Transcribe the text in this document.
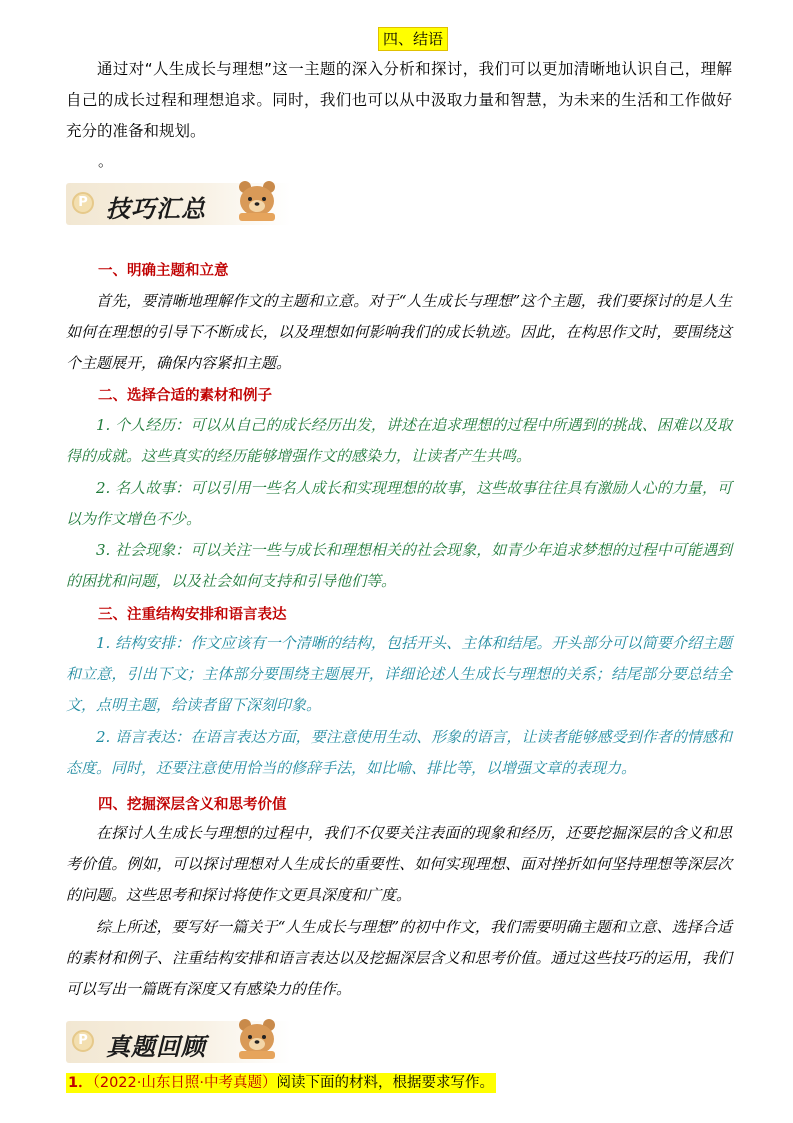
四、结语
通过对“人生成长与理想”这一主题的深入分析和探讨，我们可以更加清晰地认识自己，理解自己的成长过程和理想追求。同时，我们也可以从中汲取力量和智慧，为未来的生活和工作做好充分的准备和规划。
。
P 技巧汇总
一、明确主题和立意
首先，要清晰地理解作文的主题和立意。对于“人生成长与理想”这个主题，我们要探讨的是人生如何在理想的引导下不断成长，以及理想如何影响我们的成长轨迹。因此，在构思作文时，要围绕这个主题展开，确保内容紧扣主题。
二、选择合适的素材和例子
1. 个人经历：可以从自己的成长经历出发，讲述在追求理想的过程中所遇到的挑战、困难以及取得的成就。这些真实的经历能够增强作文的感染力，让读者产生共鸣。
2. 名人故事：可以引用一些名人成长和实现理想的故事，这些故事往往具有激励人心的力量，可以为作文增色不少。
3. 社会现象：可以关注一些与成长和理想相关的社会现象，如青少年追求梦想的过程中可能遇到的困扰和问题，以及社会如何支持和引导他们等。
三、注重结构安排和语言表达
1. 结构安排：作文应该有一个清晰的结构，包括开头、主体和结尾。开头部分可以简要介绍主题和立意，引出下文；主体部分要围绕主题展开，详细论述人生成长与理想的关系；结尾部分要总结全文，点明主题，给读者留下深刻印象。
2. 语言表达：在语言表达方面，要注意使用生动、形象的语言，让读者能够感受到作者的情感和态度。同时，还要注意使用恰当的修辞手法，如比喻、排比等，以增强文章的表现力。
四、挖掘深层含义和思考价值
在探讨人生成长与理想的过程中，我们不仅要关注表面的现象和经历，还要挖掘深层的含义和思考价值。例如，可以探讨理想对人生成长的重要性、如何实现理想、面对挫折如何坚持理想等深层次的问题。这些思考和探讨将使作文更具深度和广度。
综上所述，要写好一篇关于“人生成长与理想”的初中作文，我们需要明确主题和立意、选择合适的素材和例子、注重结构安排和语言表达以及挖掘深层含义和思考价值。通过这些技巧的运用，我们可以写出一篇既有深度又有感染力的佳作。
P 真题回顾
1．（2022·山东日照·中考真题）阅读下面的材料，根据要求写作。
